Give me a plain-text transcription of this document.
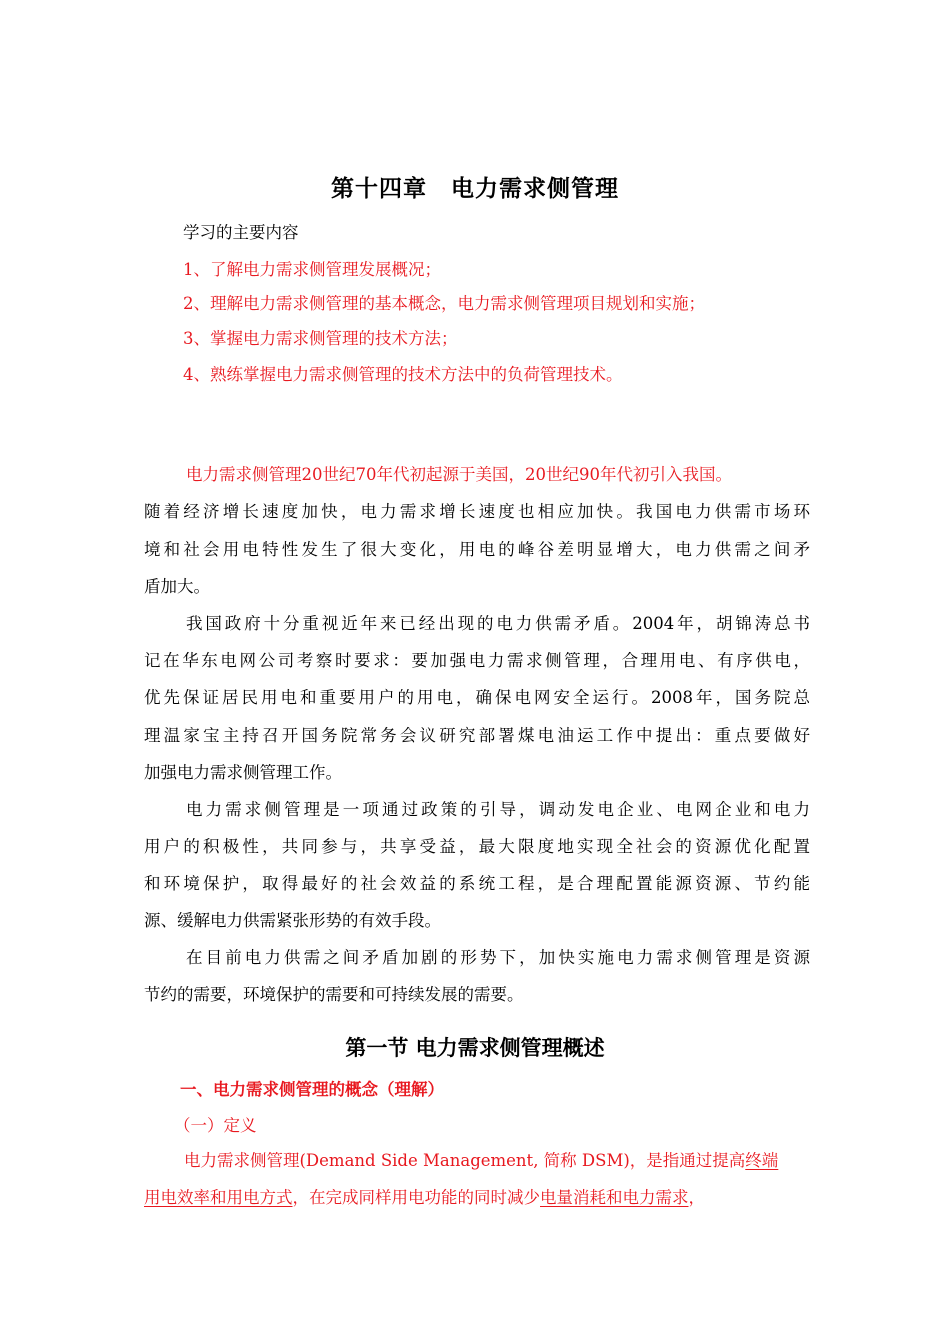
第十四章　电力需求侧管理
学习的主要内容
1、了解电力需求侧管理发展概况；
2、理解电力需求侧管理的基本概念，电力需求侧管理项目规划和实施；
3、掌握电力需求侧管理的技术方法；
4、熟练掌握电力需求侧管理的技术方法中的负荷管理技术。
电力需求侧管理20世纪70年代初起源于美国，20世纪90年代初引入我国。
随着经济增长速度加快，电力需求增长速度也相应加快。我国电力供需市场环
境和社会用电特性发生了很大变化，用电的峰谷差明显增大，电力供需之间矛
盾加大。
我国政府十分重视近年来已经出现的电力供需矛盾。2004年，胡锦涛总书
记在华东电网公司考察时要求：要加强电力需求侧管理，合理用电、有序供电，
优先保证居民用电和重要用户的用电，确保电网安全运行。2008年，国务院总
理温家宝主持召开国务院常务会议研究部署煤电油运工作中提出：重点要做好
加强电力需求侧管理工作。
电力需求侧管理是一项通过政策的引导，调动发电企业、电网企业和电力
用户的积极性，共同参与，共享受益，最大限度地实现全社会的资源优化配置
和环境保护，取得最好的社会效益的系统工程，是合理配置能源资源、节约能
源、缓解电力供需紧张形势的有效手段。
在目前电力供需之间矛盾加剧的形势下，加快实施电力需求侧管理是资源
节约的需要，环境保护的需要和可持续发展的需要。
第一节 电力需求侧管理概述
一、电力需求侧管理的概念（理解）
（一）定义
电力需求侧管理(Demand Side Management, 简称 DSM)，是指通过提高终端
用电效率和用电方式，在完成同样用电功能的同时减少电量消耗和电力需求，
